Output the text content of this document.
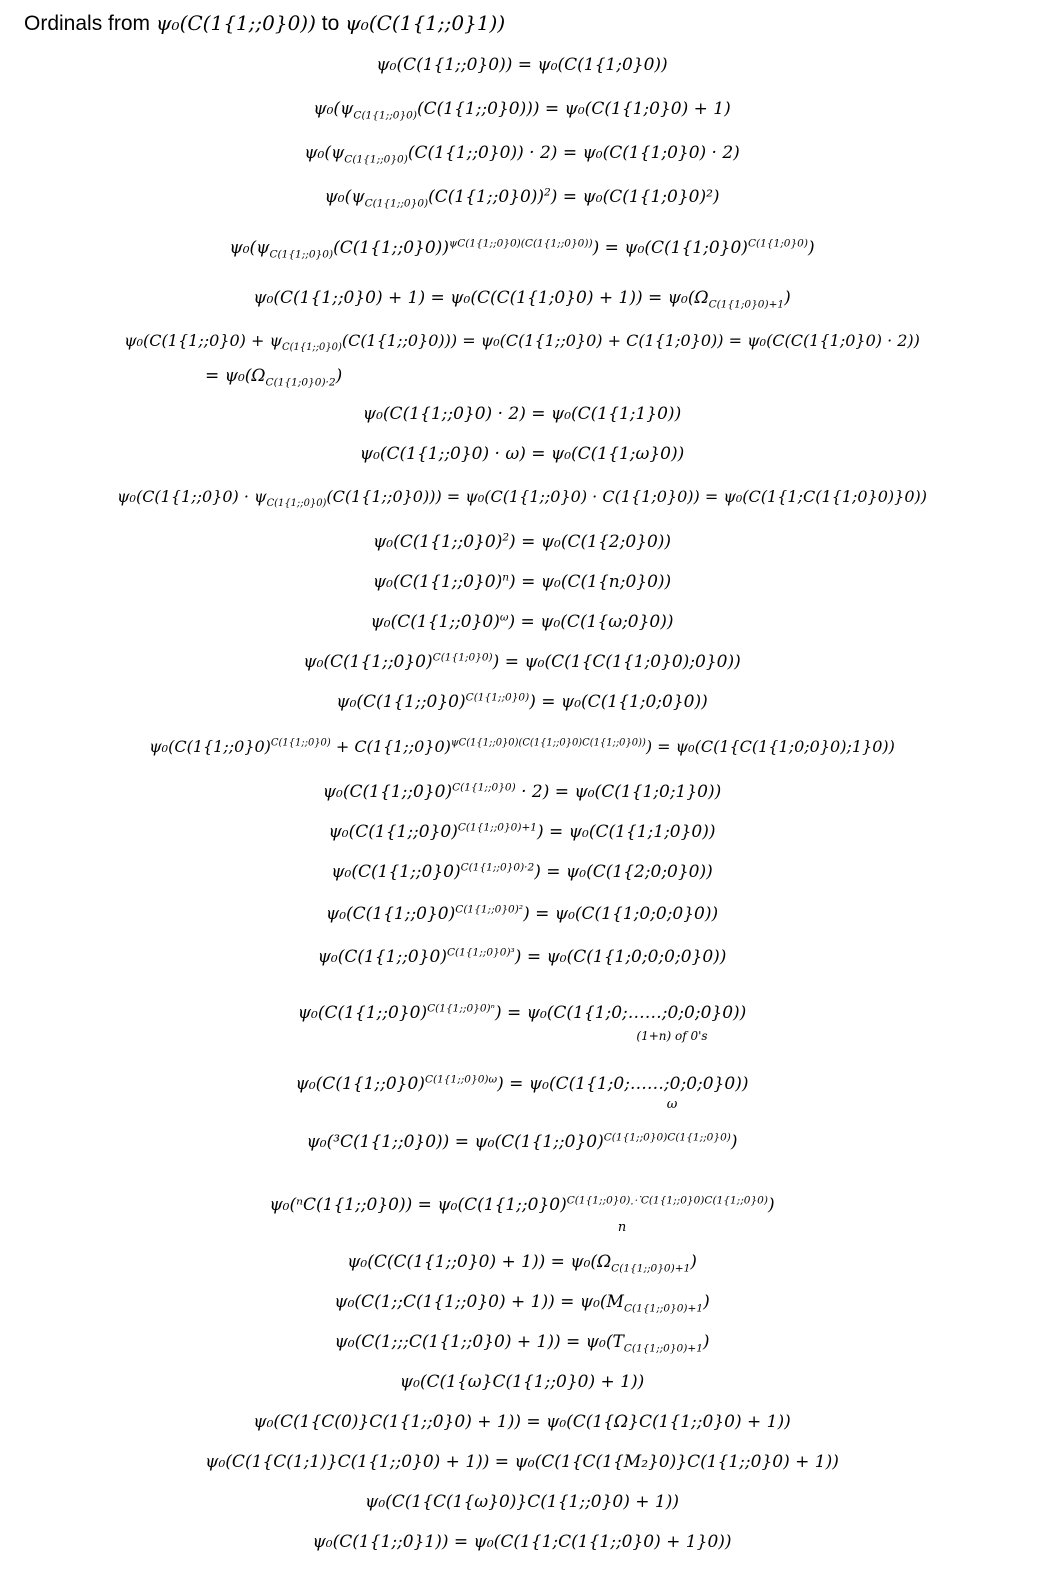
Ordinals from ψ₀(C(1{1;;0}0)) to ψ₀(C(1{1;;0}1))
ψ₀(C(1{1;;0}0)) = ψ₀(C(1{1;0}0))
$\psi_0(\psi_{C(1\{1;;0\}0)}(C(1\{1;;0\}0)))$ = ψ₀(C(1{1;0}0) + 1)
$\psi_0(\psi_{C(1\{1;;0\}0)}(C(1\{1;;0\}0)) \cdot 2)$ = ψ₀(C(1{1;0}0) · 2)
$\psi_0(\psi_{C(1\{1;;0\}0)}(C(1\{1;;0\}0))^2)$ = ψ₀(C(1{1;0}0)²)
$\psi_0(\psi_{C(1\{1;;0\}0)}(C(1\{1;;0\}0))^{\psi C(1\{1;;0\}0)(C(1\{1;;0\}0))})$ = ψ₀(C(1{1;0}0)$^{C(1\{1;0\}0)}$)
ψ₀(C(1{1;;0}0) + 1) = ψ₀(C(C(1{1;0}0) + $1)) = \psi_0(\Omega_{C(1\{1;0\}0)+1})$
ψ₀(C(1{1;;0}0) + $\psi_{C(1\{1;;0\}0)}(C(1\{1;;0\}0))$) = ψ₀(C(1{1;;0}0) + C(1{1;0}0)) = ψ₀(C(C(1{1;0}0) · 2))
= $\psi_0(\Omega_{C(1\{1;0\}0)\cdot 2})$
ψ₀(C(1{1;;0}0) · 2) = ψ₀(C(1{1;1}0))
ψ₀(C(1{1;;0}0) · ω) = ψ₀(C(1{1;ω}0))
ψ₀(C(1{1;;0}0) · $\psi_{C(1\{1;;0\}0)}(C(1\{1;;0\}0))$) = ψ₀(C(1{1;;0}0) · C(1{1;0}0)) = ψ₀(C(1{1;C(1{1;0}0)}0))
ψ₀(C(1{1;;0}0)$^2$) = ψ₀(C(1{2;0}0))
ψ₀(C(1{1;;0}0)$^n$) = ψ₀(C(1{n;0}0))
ψ₀(C(1{1;;0}0)$^\omega$) = ψ₀(C(1{ω;0}0))
ψ₀(C(1{1;;0}0)$^{C(1\{1;0\}0)}$) = ψ₀(C(1{C(1{1;0}0);0}0))
ψ₀(C(1{1;;0}0)$^{C(1\{1;;0\}0)}$) = ψ₀(C(1{1;0;0}0))
ψ₀(C(1{1;;0}0)$^{C(1\{1;;0\}0)}$ + C(1{1;;0}0)$^{\psi C(1\{1;;0\}0)(C(1\{1;;0\}0)C(1\{1;;0\}0))}$) = ψ₀(C(1{C(1{1;0;0}0);1}0))
ψ₀(C(1{1;;0}0)$^{C(1\{1;;0\}0)}$ · 2) = ψ₀(C(1{1;0;1}0))
ψ₀(C(1{1;;0}0)$^{C(1\{1;;0\}0)+1}$) = ψ₀(C(1{1;1;0}0))
ψ₀(C(1{1;;0}0)$^{C(1\{1;;0\}0)\cdot 2}$) = ψ₀(C(1{2;0;0}0))
ψ₀(C(1{1;;0}0)$^{C(1\{1;;0\}0)^2}$) = ψ₀(C(1{1;0;0;0}0))
ψ₀(C(1{1;;0}0)$^{C(1\{1;;0\}0)^3}$) = ψ₀(C(1{1;0;0;0;0}0))
ψ₀(C(1{1;;0}0)$^{C(1\{1;;0\}0)^n}$) = ψ₀(C(1{1;0;……;0;0;0}0))
(1+n) of 0's
ψ₀(C(1{1;;0}0)$^{C(1\{1;;0\}0)\omega}$) = ψ₀(C(1{1;0;……;0;0;0}0))
ω
ψ₀(³C(1{1;;0}0)) = ψ₀(C(1{1;;0}0)$^{C(1\{1;;0\}0)C(1\{1;;0\}0)}$)
ψ₀(ⁿC(1{1;;0}0)) = ψ₀(C(1{1;;0}0)$^{C(1\{1;;0\}0)⋰C(1\{1;;0\}0)C(1\{1;;0\}0)}$)
n
ψ₀(C(C(1{1;;0}0) + $1)) = \psi_0(\Omega_{C(1\{1;;0\}0)+1})$
ψ₀(C(1;;C(1{1;;0}0) + $1)) = \psi_0(M_{C(1\{1;;0\}0)+1})$
ψ₀(C(1;;;C(1{1;;0}0) + $1)) = \psi_0(T_{C(1\{1;;0\}0)+1})$
ψ₀(C(1{ω}C(1{1;;0}0) + 1))
ψ₀(C(1{C(0)}C(1{1;;0}0) + 1)) = ψ₀(C(1{Ω}C(1{1;;0}0) + 1))
ψ₀(C(1{C(1;1)}C(1{1;;0}0) + 1)) = ψ₀(C(1{C(1{M₂}0)}C(1{1;;0}0) + 1))
ψ₀(C(1{C(1{ω}0)}C(1{1;;0}0) + 1))
ψ₀(C(1{1;;0}1)) = ψ₀(C(1{1;C(1{1;;0}0) + 1}0))
